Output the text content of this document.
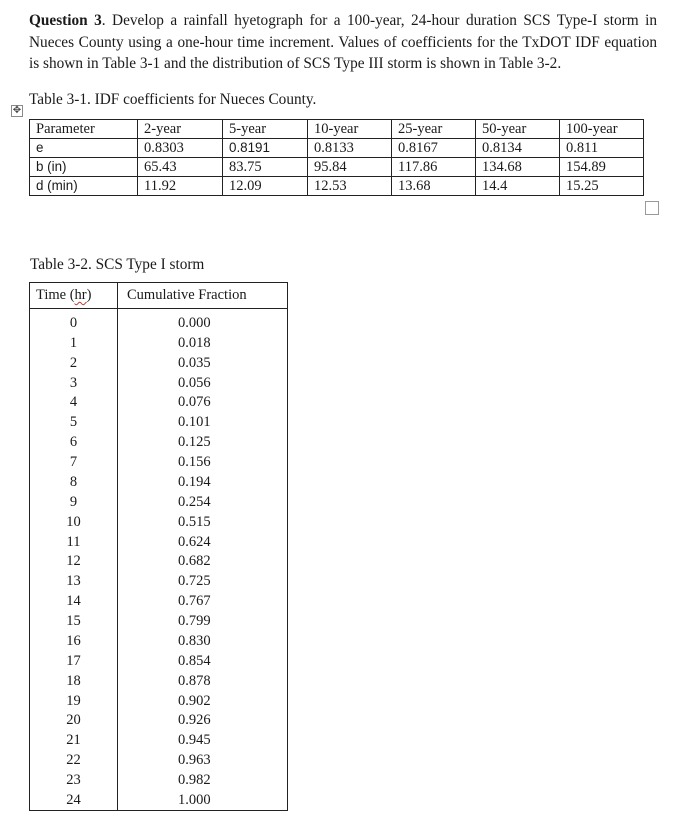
Question 3. Develop a rainfall hyetograph for a 100-year, 24-hour duration SCS Type-I storm in Nueces County using a one-hour time increment. Values of coefficients for the TxDOT IDF equation is shown in Table 3-1 and the distribution of SCS Type III storm is shown in Table 3-2.
✥
Table 3-1. IDF coefficients for Nueces County.
Parameter	2-year	5-year	10-year	25-year	50-year	100-year
e	0.8303	0.8191	0.8133	0.8167	0.8134	0.811
b (in)	65.43	83.75	95.84	117.86	134.68	154.89
d (min)	11.92	12.09	12.53	13.68	14.4	15.25
Table 3-2. SCS Type I storm
Time (hr)	Cumulative Fraction
0	0.000
1	0.018
2	0.035
3	0.056
4	0.076
5	0.101
6	0.125
7	0.156
8	0.194
9	0.254
10	0.515
11	0.624
12	0.682
13	0.725
14	0.767
15	0.799
16	0.830
17	0.854
18	0.878
19	0.902
20	0.926
21	0.945
22	0.963
23	0.982
24	1.000
